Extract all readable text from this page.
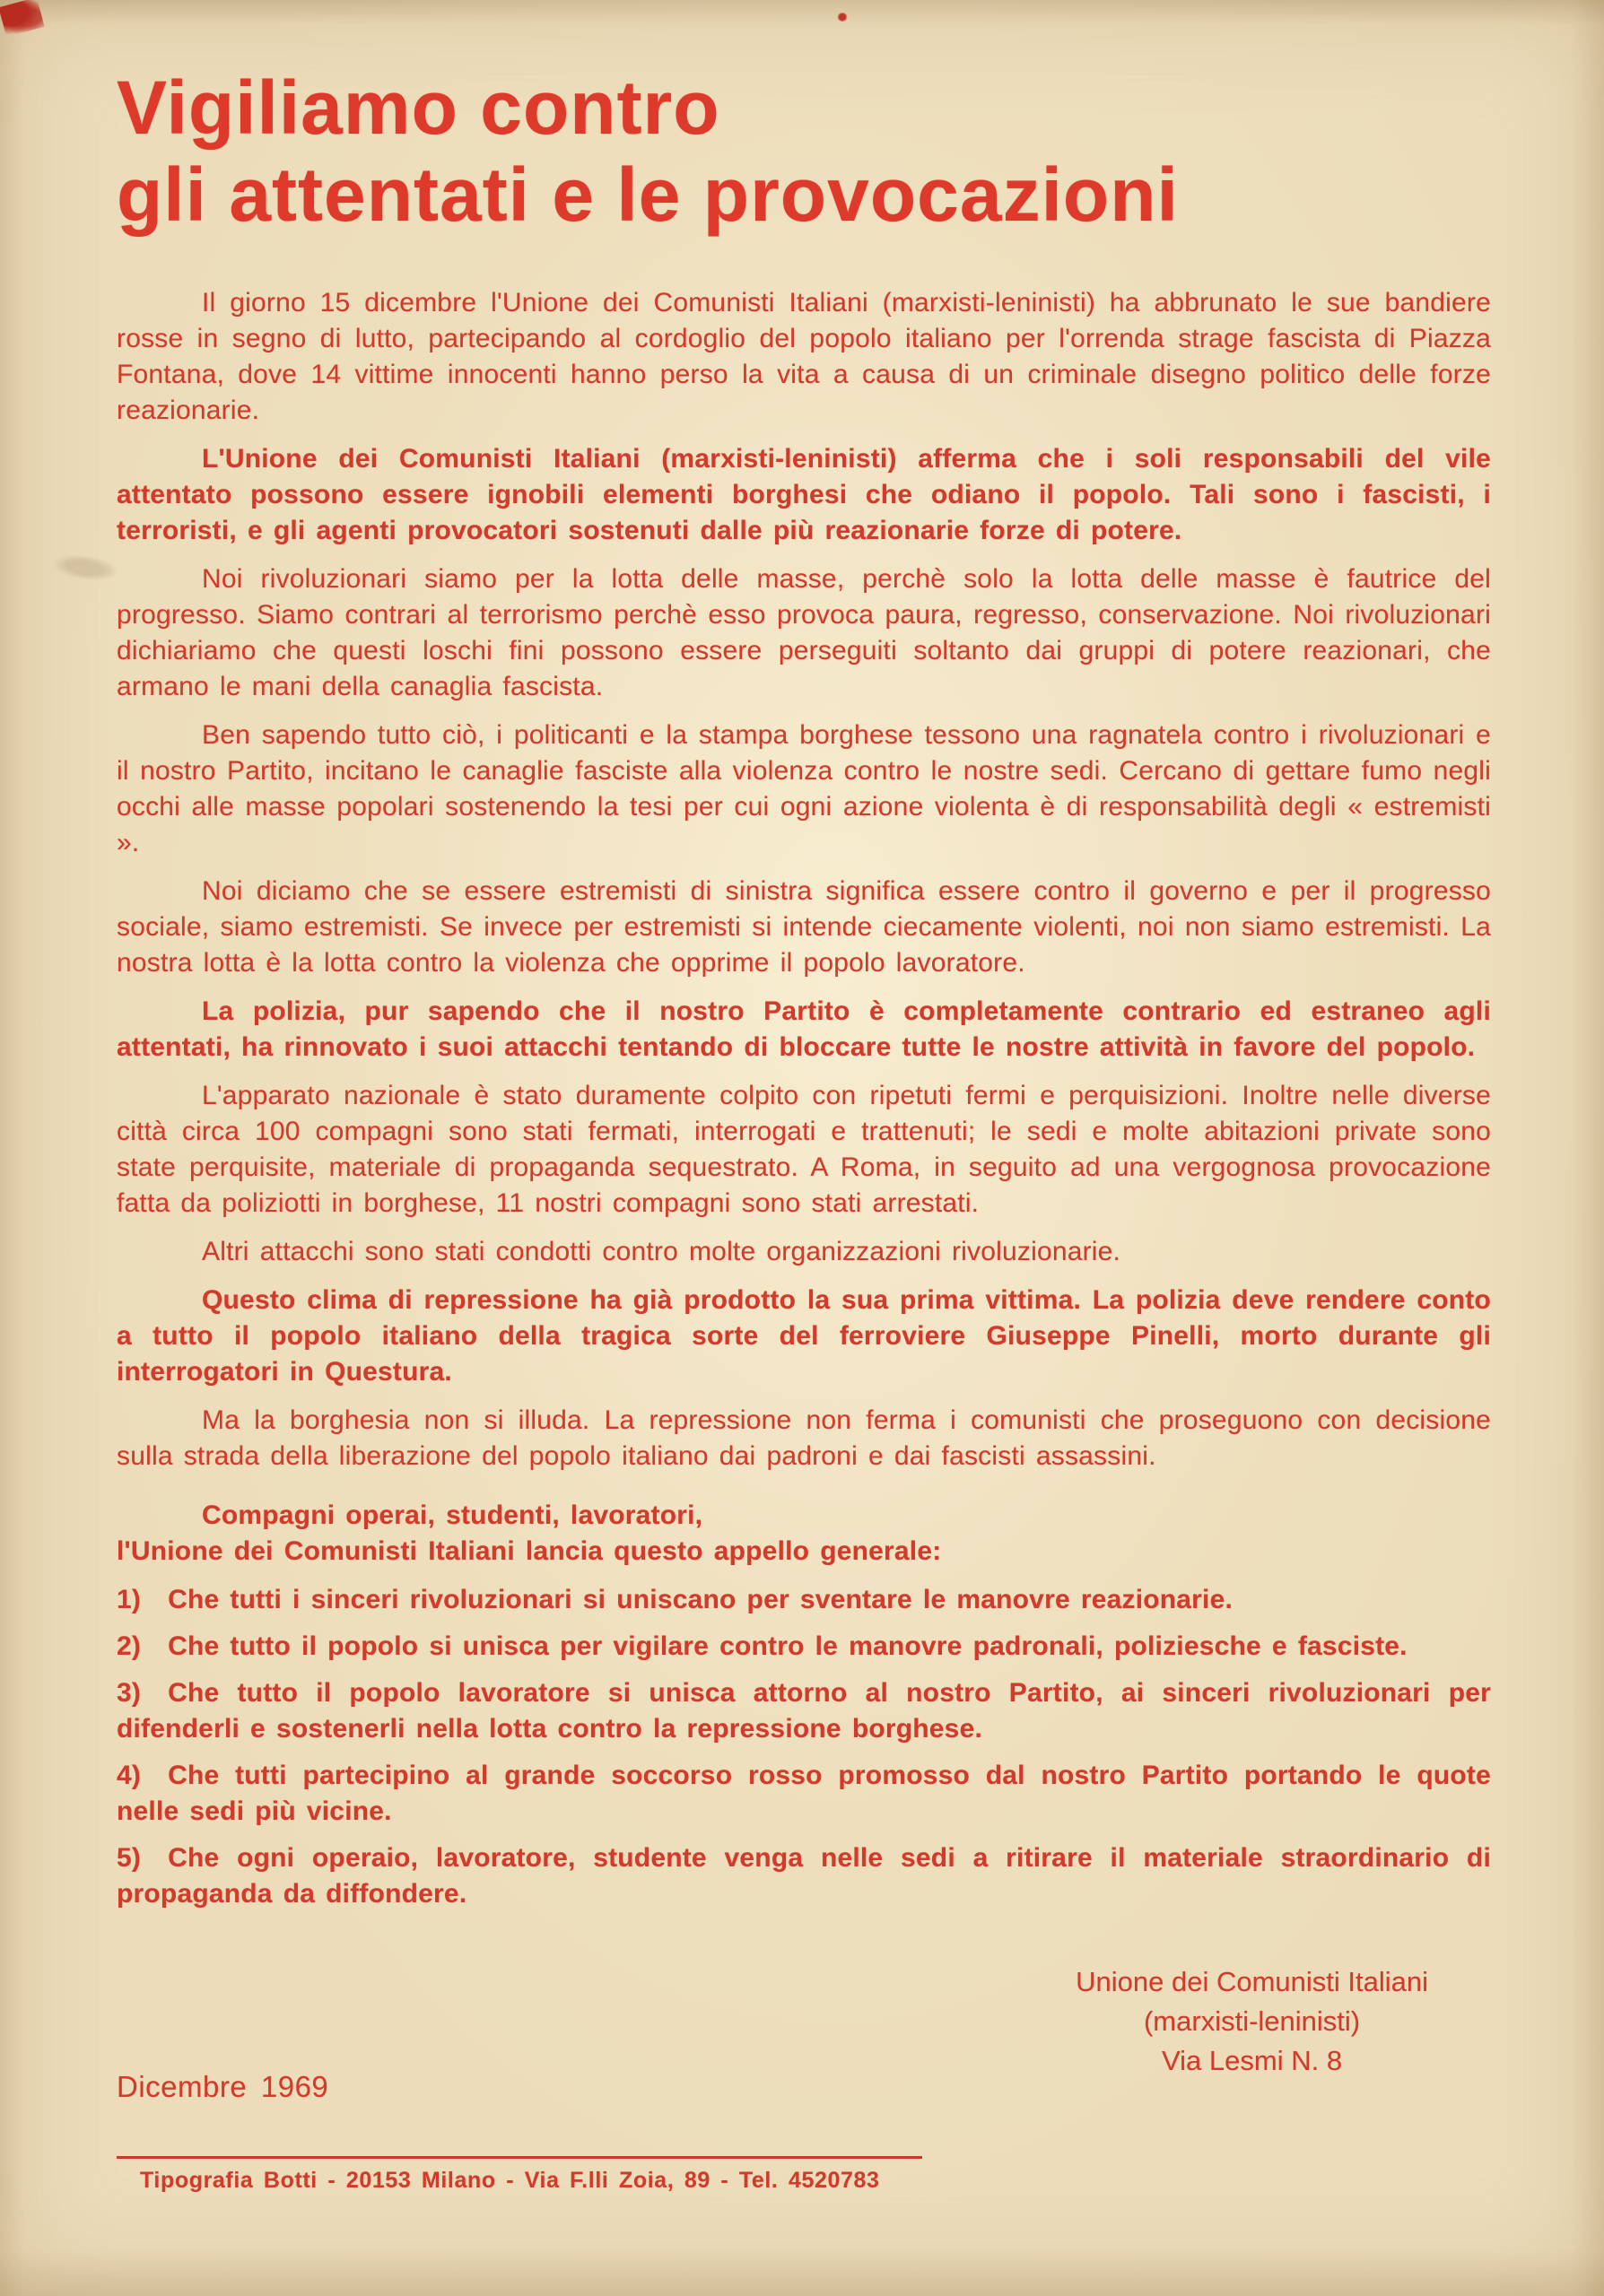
Vigiliamo contro
gli attentati e le provocazioni

Il giorno 15 dicembre l'Unione dei Comunisti Italiani (marxisti-leninisti) ha abbrunato le sue bandiere rosse in segno di lutto, partecipando al cordoglio del popolo italiano per l'orrenda strage fascista di Piazza Fontana, dove 14 vittime innocenti hanno perso la vita a causa di un criminale disegno politico delle forze reazionarie.

L'Unione dei Comunisti Italiani (marxisti-leninisti) afferma che i soli responsabili del vile attentato possono essere ignobili elementi borghesi che odiano il popolo. Tali sono i fascisti, i terroristi, e gli agenti provocatori sostenuti dalle più reazionarie forze di potere.

Noi rivoluzionari siamo per la lotta delle masse, perchè solo la lotta delle masse è fautrice del progresso. Siamo contrari al terrorismo perchè esso provoca paura, regresso, conservazione. Noi rivoluzionari dichiariamo che questi loschi fini possono essere perseguiti soltanto dai gruppi di potere reazionari, che armano le mani della canaglia fascista.

Ben sapendo tutto ciò, i politicanti e la stampa borghese tessono una ragnatela contro i rivoluzionari e il nostro Partito, incitano le canaglie fasciste alla violenza contro le nostre sedi. Cercano di gettare fumo negli occhi alle masse popolari sostenendo la tesi per cui ogni azione violenta è di responsabilità degli « estremisti ».

Noi diciamo che se essere estremisti di sinistra significa essere contro il governo e per il progresso sociale, siamo estremisti. Se invece per estremisti si intende ciecamente violenti, noi non siamo estremisti. La nostra lotta è la lotta contro la violenza che opprime il popolo lavoratore.

La polizia, pur sapendo che il nostro Partito è completamente contrario ed estraneo agli attentati, ha rinnovato i suoi attacchi tentando di bloccare tutte le nostre attività in favore del popolo.

L'apparato nazionale è stato duramente colpito con ripetuti fermi e perquisizioni. Inoltre nelle diverse città circa 100 compagni sono stati fermati, interrogati e trattenuti; le sedi e molte abitazioni private sono state perquisite, materiale di propaganda sequestrato. A Roma, in seguito ad una vergognosa provocazione fatta da poliziotti in borghese, 11 nostri compagni sono stati arrestati.

Altri attacchi sono stati condotti contro molte organizzazioni rivoluzionarie.

Questo clima di repressione ha già prodotto la sua prima vittima. La polizia deve rendere conto a tutto il popolo italiano della tragica sorte del ferroviere Giuseppe Pinelli, morto durante gli interrogatori in Questura.

Ma la borghesia non si illuda. La repressione non ferma i comunisti che proseguono con decisione sulla strada della liberazione del popolo italiano dai padroni e dai fascisti assassini.

Compagni operai, studenti, lavoratori,
l'Unione dei Comunisti Italiani lancia questo appello generale:

1) Che tutti i sinceri rivoluzionari si uniscano per sventare le manovre reazionarie.

2) Che tutto il popolo si unisca per vigilare contro le manovre padronali, poliziesche e fasciste.

3) Che tutto il popolo lavoratore si unisca attorno al nostro Partito, ai sinceri rivoluzionari per difenderli e sostenerli nella lotta contro la repressione borghese.

4) Che tutti partecipino al grande soccorso rosso promosso dal nostro Partito portando le quote nelle sedi più vicine.

5) Che ogni operaio, lavoratore, studente venga nelle sedi a ritirare il materiale straordinario di propaganda da diffondere.

Dicembre 1969
Unione dei Comunisti Italiani
(marxisti-leninisti)
Via Lesmi N. 8
Tipografia Botti - 20153 Milano - Via F.lli Zoia, 89 - Tel. 4520783
